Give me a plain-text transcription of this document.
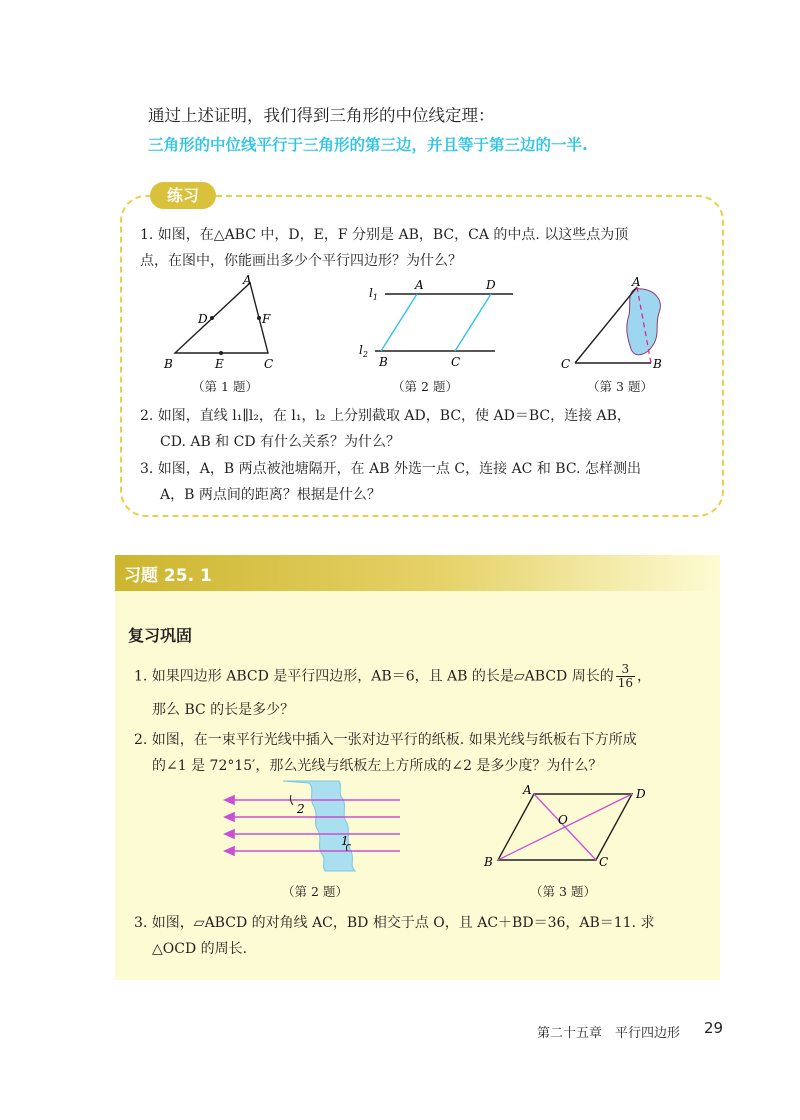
通过上述证明，我们得到三角形的中位线定理：
三角形的中位线平行于三角形的第三边，并且等于第三边的一半.
练习
1. 如图，在△ABC 中，D，E，F 分别是 AB，BC，CA 的中点. 以这些点为顶
点，在图中，你能画出多少个平行四边形？为什么？
A
B	C
D
E
F
（第 1 题）
$l_1$
$l_2$
A	D
B	C
（第 2 题）
A
B
C
（第 3 题）
2. 如图，直线 l₁∥l₂，在 l₁，l₂ 上分别截取 AD，BC，使 AD＝BC，连接 AB，
CD. AB 和 CD 有什么关系？为什么？
3. 如图，A，B 两点被池塘隔开，在 AB 外选一点 C，连接 AC 和 BC. 怎样测出
A，B 两点间的距离？根据是什么？
习题 25. 1
复习巩固
1. 如果四边形 ABCD 是平行四边形，AB＝6，且 AB 的长是▱ABCD 周长的 $\frac{3}{16}$ ，
那么 BC 的长是多少？
2. 如图，在一束平行光线中插入一张对边平行的纸板. 如果光线与纸板右下方所成
的∠1 是 72°15′，那么光线与纸板左上方所成的∠2 是多少度？为什么？
2
1
（第 2 题）
A	D
B	C
O
（第 3 题）
3. 如图，▱ABCD 的对角线 AC，BD 相交于点 O，且 AC＋BD＝36，AB＝11. 求
△OCD 的周长.
第二十五章　平行四边形 29
